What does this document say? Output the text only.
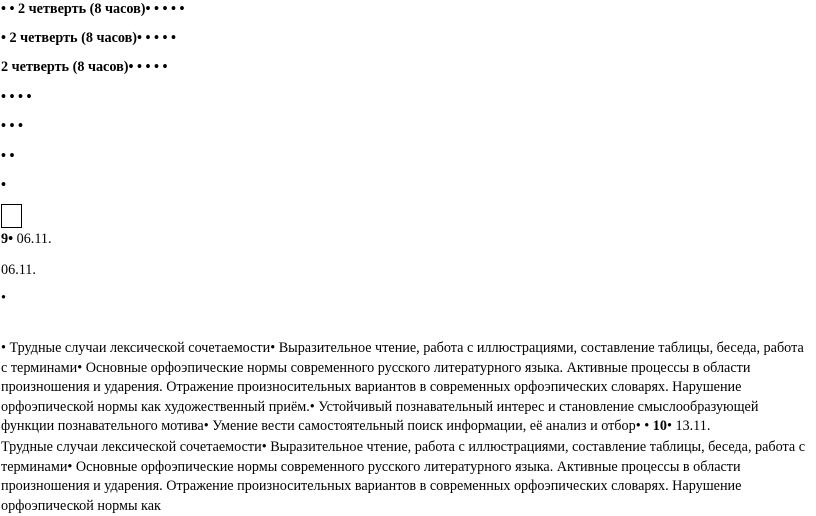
• • 2 четверть (8 часов)• • • • •
• 2 четверть (8 часов)• • • • •
2 четверть (8 часов)• • • • •
• • • •
• • •
• •
•
9• 06.11.
06.11.
•
• Трудные случаи лексической сочетаемости• Выразительное чтение, работа с иллюстрациями, составление таблицы, беседа, работа с терминами• Основные орфоэпические нормы современного русского литературного языка. Активные процессы в области произношения и ударения. Отражение произносительных вариантов в современных орфоэпических словарях. Нарушение орфоэпической нормы как художественный приём.• Устойчивый познавательный интерес и становление смыслообразующей функции познавательного мотива• Умение вести самостоятельный поиск информации, её анализ и отбор• • 10• 13.11.
Трудные случаи лексической сочетаемости• Выразительное чтение, работа с иллюстрациями, составление таблицы, беседа, работа с терминами• Основные орфоэпические нормы современного русского литературного языка. Активные процессы в области произношения и ударения. Отражение произносительных вариантов в современных орфоэпических словарях. Нарушение орфоэпической нормы как
